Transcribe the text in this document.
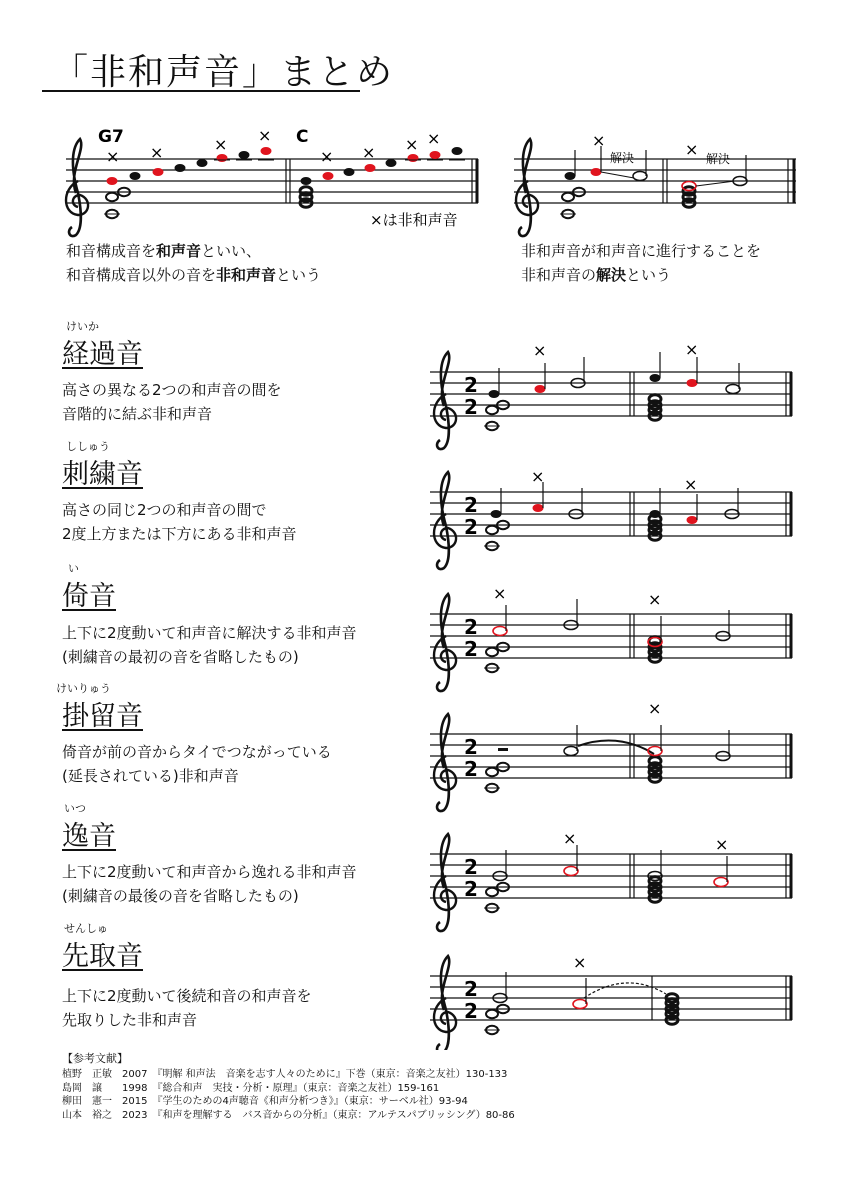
「非和声音」まとめ
G7	C
× ×	× ×
× × × ×
×は非和声音
×	×
解決	解決
和音構成音を和声音といい、
和音構成音以外の音を非和声音という
非和声音が和声音に進行することを
非和声音の解決という
けいか
経過音
高さの異なる2つの和声音の間を
音階的に結ぶ非和声音
ししゅう
刺繍音
高さの同じ2つの和声音の間で
2度上方または下方にある非和声音
い
倚音
上下に2度動いて和声音に解決する非和声音
(刺繍音の最初の音を省略したもの)
けいりゅう
掛留音
倚音が前の音からタイでつながっている
(延長されている)非和声音
いつ
逸音
上下に2度動いて和声音から逸れる非和声音
(刺繍音の最後の音を省略したもの)
せんしゅ
先取音
上下に2度動いて後続和音の和声音を
先取りした非和声音
2
2
×	×
2
2
×	×
2
2
×	×
2
2
×
2
2
×	×
2
2
×
【参考文献】
植野　正敏　2007　『明解 和声法　音楽を志す人々のために』下巻（東京：音楽之友社）130-133
島岡　譲　　1998　『総合和声　実技・分析・原理』（東京：音楽之友社）159-161
柳田　憲一　2015　『学生のための4声聴音《和声分析つき》』（東京：サーベル社）93-94
山本　裕之　2023　『和声を理解する　バス音からの分析』（東京：アルテスパブリッシング）80-86
